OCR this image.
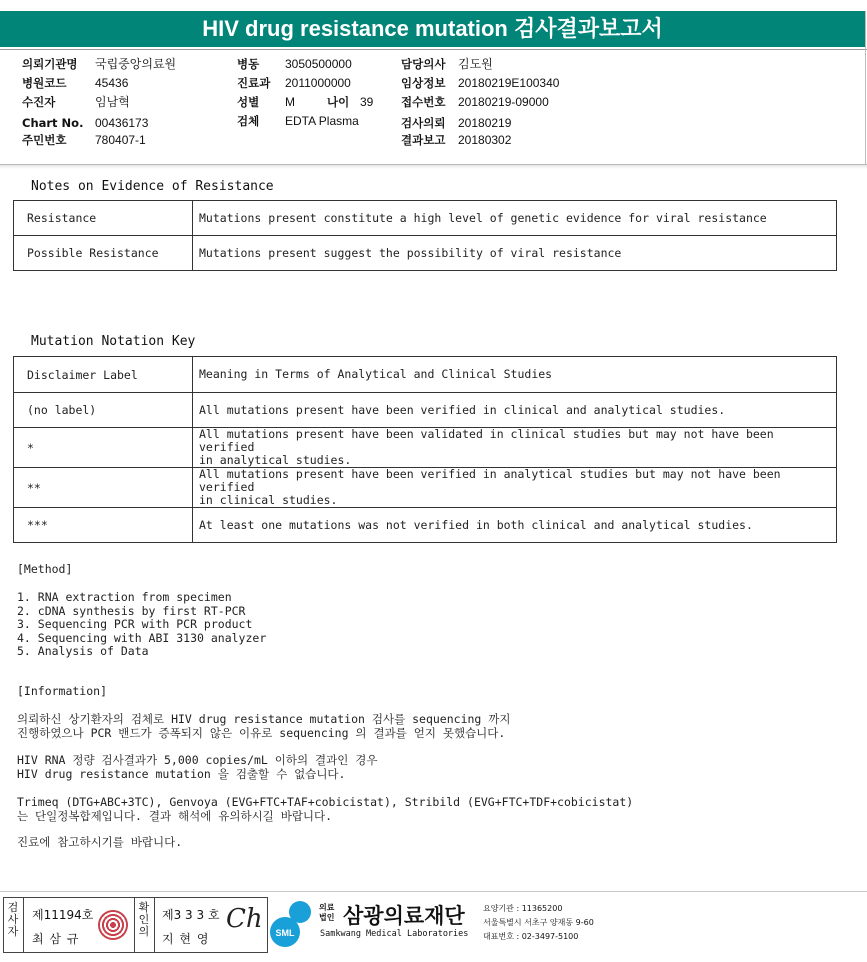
HIV drug resistance mutation 검사결과보고서
의뢰기관명 국립중앙의료원
병원코드 45436
수진자	임남혁
Chart No. 00436173
주민번호 780407-1
병동 3050500000
진료과 2011000000
성별 M	나이 39
검체 EDTA Plasma
담당의사 김도원
임상정보 20180219E100340
접수번호 20180219-09000
검사의뢰 20180219
결과보고 20180302
Notes on Evidence of Resistance
Resistance	Mutations present constitute a high level of genetic evidence for viral resistance
Possible Resistance	Mutations present suggest the possibility of viral resistance
Mutation Notation Key
Disclaimer Label	Meaning in Terms of Analytical and Clinical Studies
(no label)	All mutations present have been verified in clinical and analytical studies.

*	All mutations present have been validated in clinical studies but may not have been verified
in analytical studies.

**	All mutations present have been verified in analytical studies but may not have been verified
in clinical studies.

***	At least one mutations was not verified in both clinical and analytical studies.
[Method]
1. RNA extraction from specimen
2. cDNA synthesis by first RT-PCR
3. Sequencing PCR with PCR product
4. Sequencing with ABI 3130 analyzer
5. Analysis of Data
[Information]
의뢰하신 상기환자의 검체로 HIV drug resistance mutation 검사를 sequencing 까지
진행하였으나 PCR 밴드가 증폭되지 않은 이유로 sequencing 의 결과를 얻지 못했습니다.
HIV RNA 정량 검사결과가 5,000 copies/mL 이하의 결과인 경우
HIV drug resistance mutation 을 검출할 수 없습니다.
Trimeq (DTG+ABC+3TC), Genvoya (EVG+FTC+TAF+cobicistat), Stribild (EVG+FTC+TDF+cobicistat)
는 단일정복합제입니다. 결과 해석에 유의하시길 바랍니다.
진료에 참고하시기를 바랍니다.
검사자
제11194호
최 삼 규
확인의
제3 3 3 호
지 현 영
Ch SML
의료
법인 삼광의료재단
Samkwang Medical Laboratories
요양기관 : 11365200
서울특별시 서초구 양재동 9-60
대표번호 : 02-3497-5100
